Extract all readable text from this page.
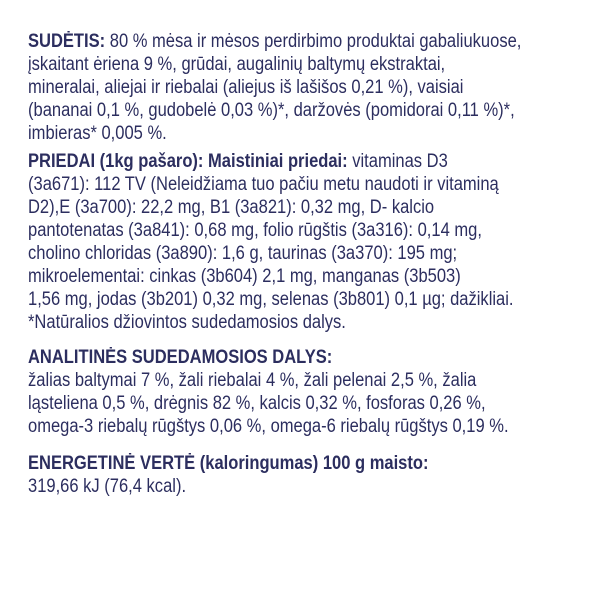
SUDĖTIS: 80 % mėsa ir mėsos perdirbimo produktai gabaliukuose,
įskaitant ėriena 9 %, grūdai, augalinių baltymų ekstraktai,
mineralai, aliejai ir riebalai (aliejus iš lašišos 0,21 %), vaisiai
(bananai 0,1 %, gudobelė 0,03 %)*, daržovės (pomidorai 0,11 %)*,
imbieras* 0,005 %.
PRIEDAI (1kg pašaro): Maistiniai priedai: vitaminas D3
(3a671): 112 TV (Neleidžiama tuo pačiu metu naudoti ir vitaminą
D2),E (3a700): 22,2 mg, B1 (3a821): 0,32 mg, D- kalcio
pantotenatas (3a841): 0,68 mg, folio rūgštis (3a316): 0,14 mg,
cholino chloridas (3a890): 1,6 g, taurinas (3a370): 195 mg;
mikroelementai: cinkas (3b604) 2,1 mg, manganas (3b503)
1,56 mg, jodas (3b201) 0,32 mg, selenas (3b801) 0,1 µg; dažikliai.
*Natūralios džiovintos sudedamosios dalys.
ANALITINĖS SUDEDAMOSIOS DALYS:
žalias baltymai 7 %, žali riebalai 4 %, žali pelenai 2,5 %, žalia
ląsteliena 0,5 %, drėgnis 82 %, kalcis 0,32 %, fosforas 0,26 %,
omega-3 riebalų rūgštys 0,06 %, omega-6 riebalų rūgštys 0,19 %.
ENERGETINĖ VERTĖ (kaloringumas) 100 g maisto:
319,66 kJ (76,4 kcal).
